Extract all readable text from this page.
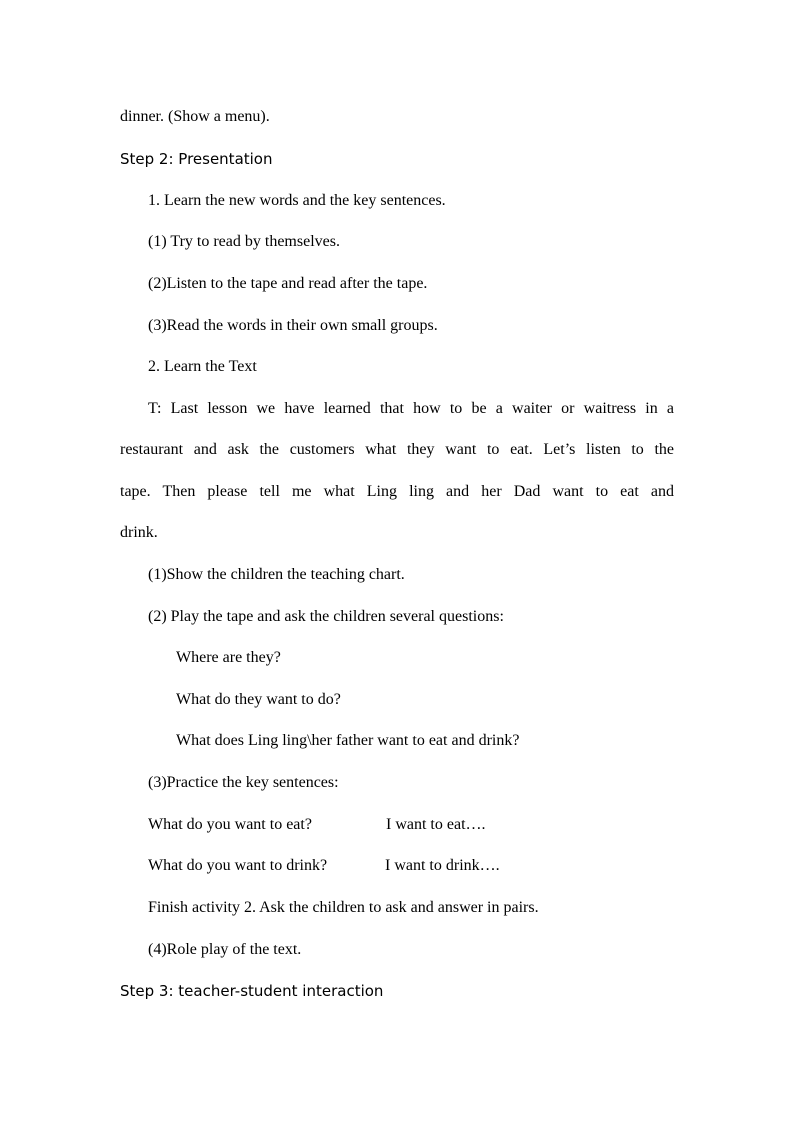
dinner. (Show a menu).
Step 2: Presentation
1. Learn the new words and the key sentences.
(1) Try to read by themselves.
(2)Listen to the tape and read after the tape.
(3)Read the words in their own small groups.
2. Learn the Text
T: Last lesson we have learned that how to be a waiter or waitress in a
restaurant and ask the customers what they want to eat. Let’s listen to the
tape. Then please tell me what Ling ling and her Dad want to eat and
drink.
(1)Show the children the teaching chart.
(2) Play the tape and ask the children several questions:
Where are they?
What do they want to do?
What does Ling ling\her father want to eat and drink?
(3)Practice the key sentences:
What do you want to eat?	I want to eat….
What do you want to drink?	I want to drink….
Finish activity 2. Ask the children to ask and answer in pairs.
(4)Role play of the text.
Step 3: teacher-student interaction
